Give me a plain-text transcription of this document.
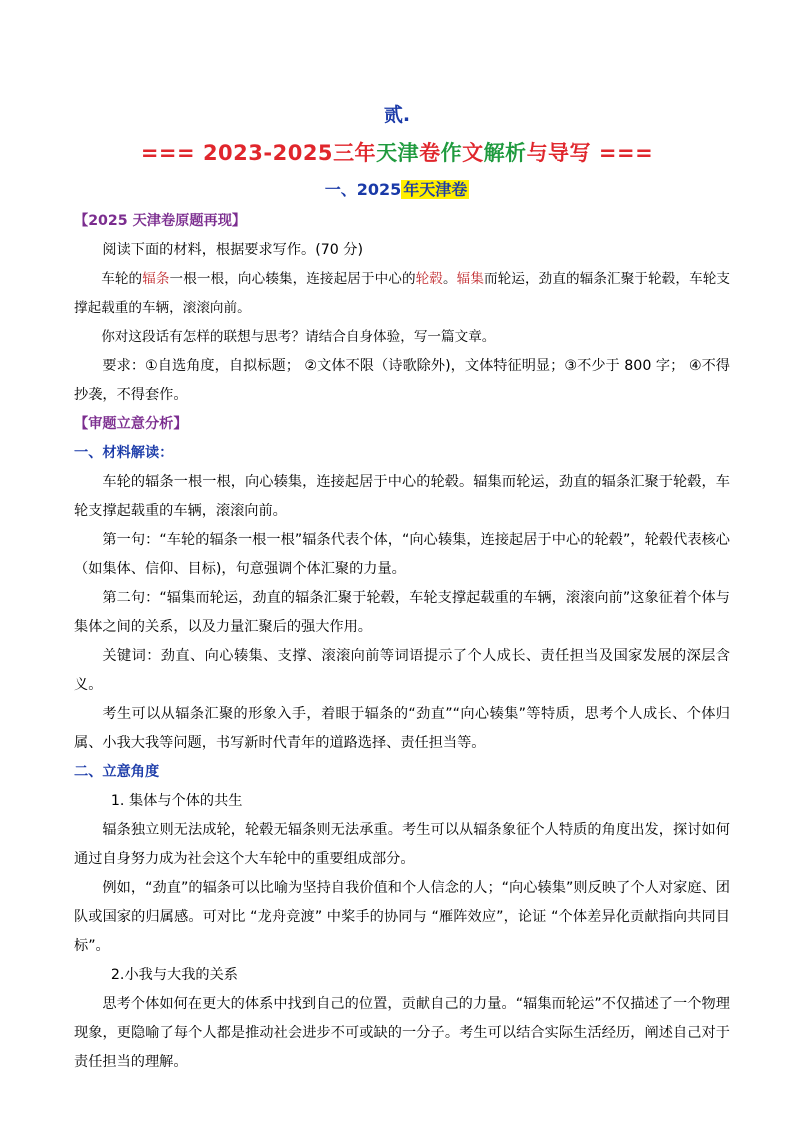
贰.
=== 2023-2025三年天津卷作文解析与导写 ===
一、2025 年天津卷

【2025 天津卷原题再现】

阅读下面的材料，根据要求写作。(70 分)

车轮的辐条一根一根，向心辏集，连接起居于中心的轮毂。辐集而轮运，劲直的辐条汇聚于轮毂，车轮支撑起载重的车辆，滚滚向前。

你对这段话有怎样的联想与思考？请结合自身体验，写一篇文章。

要求：①自选角度，自拟标题； ②文体不限（诗歌除外)，文体特征明显；③不少于 800 字； ④不得抄袭，不得套作。

【审题立意分析】

一、材料解读：

车轮的辐条一根一根，向心辏集，连接起居于中心的轮毂。辐集而轮运，劲直的辐条汇聚于轮毂，车轮支撑起载重的车辆，滚滚向前。

第一句：“车轮的辐条一根一根”辐条代表个体，“向心辏集，连接起居于中心的轮毂”，轮毂代表核心（如集体、信仰、目标)，句意强调个体汇聚的力量。

第二句：“辐集而轮运，劲直的辐条汇聚于轮毂，车轮支撑起载重的车辆，滚滚向前”这象征着个体与集体之间的关系，以及力量汇聚后的强大作用。

关键词：劲直、向心辏集、支撑、滚滚向前等词语提示了个人成长、责任担当及国家发展的深层含义。

考生可以从辐条汇聚的形象入手，着眼于辐条的“劲直”“向心辏集”等特质，思考个人成长、个体归属、小我大我等问题，书写新时代青年的道路选择、责任担当等。

二、立意角度

1. 集体与个体的共生

辐条独立则无法成轮，轮毂无辐条则无法承重。考生可以从辐条象征个人特质的角度出发，探讨如何通过自身努力成为社会这个大车轮中的重要组成部分。

例如，“劲直”的辐条可以比喻为坚持自我价值和个人信念的人；“向心辏集”则反映了个人对家庭、团队或国家的归属感。可对比 “龙舟竞渡” 中桨手的协同与 “雁阵效应”，论证 “个体差异化贡献指向共同目标”。

2.小我与大我的关系

思考个体如何在更大的体系中找到自己的位置，贡献自己的力量。“辐集而轮运”不仅描述了一个物理现象，更隐喻了每个人都是推动社会进步不可或缺的一分子。考生可以结合实际生活经历，阐述自己对于责任担当的理解。
